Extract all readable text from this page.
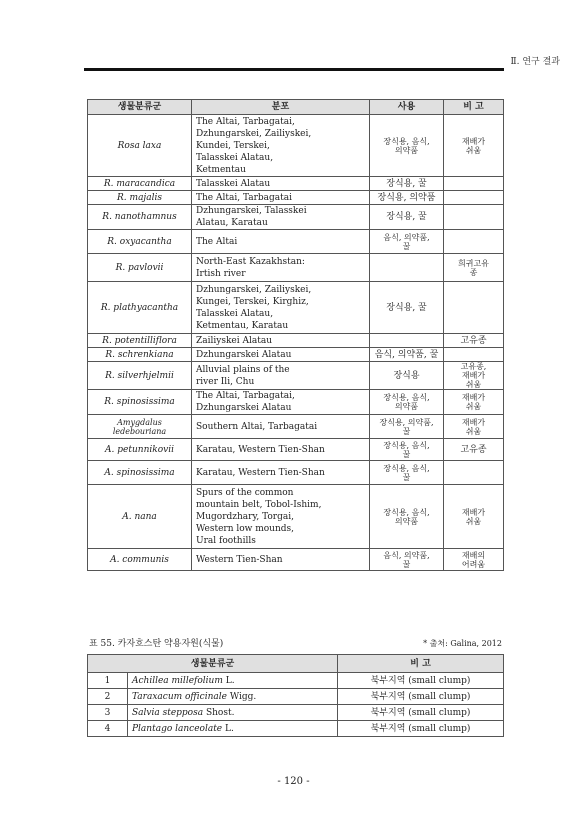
Ⅱ. 연구 결과
생물분류군	분포	사용	비 고
Rosa laxa	The Altai, Tarbagatai,
Dzhungarskei, Zailiyskei,
Kundei, Terskei,
Talasskei Alatau,
Ketmentau	장식용, 음식,
의약품	재배가
쉬움
R. maracandica	Talasskei Alatau	장식용, 꿀	
R. majalis	The Altai, Tarbagatai	장식용, 의약품	
R. nanothamnus	Dzhungarskei, Talasskei
Alatau, Karatau	장식용, 꿀	
R. oxyacantha	The Altai	음식, 의약품,
꿀	
R. pavlovii	North-East Kazakhstan:
Irtish river		희귀고유
종
R. plathyacantha	Dzhungarskei, Zailiyskei,
Kungei, Terskei, Kirghiz,
Talasskei Alatau,
Ketmentau, Karatau	장식용, 꿀	
R. potentilliflora	Zailiyskei Alatau		고유종
R. schrenkiana	Dzhungarskei Alatau	음식, 의약품, 꿀	
R. silverhjelmii	Alluvial plains of the
river Ili, Chu	장식용	고유종,
재배가
쉬움
R. spinosissima	The Altai, Tarbagatai,
Dzhungarskei Alatau	장식용, 음식,
의약품	재배가
쉬움
Amygdalus
ledebouriana	Southern Altai, Tarbagatai	장식용, 의약품,
꿀	재배가
쉬움
A. petunnikovii	Karatau, Western Tien-Shan	장식용, 음식,
꿀	고유종
A. spinosissima	Karatau, Western Tien-Shan	장식용, 음식,
꿀	
A. nana	Spurs of the common
mountain belt, Tobol-Ishim,
Mugordzhary, Torgai,
Western low mounds,
Ural foothills	장식용, 음식,
의약품	재배가
쉬움
A. communis	Western Tien-Shan	음식, 의약품,
꿀	재배의
어려움
표 55. 카자흐스탄 약용자원(식물)	* 출처: Galina, 2012
생물분류군		비 고
1	Achillea millefolium L.	북부지역 (small clump)
2	Taraxacum officinale Wigg.	북부지역 (small clump)
3	Salvia stepposa Shost.	북부지역 (small clump)
4	Plantago lanceolate L.	북부지역 (small clump)
- 120 -
